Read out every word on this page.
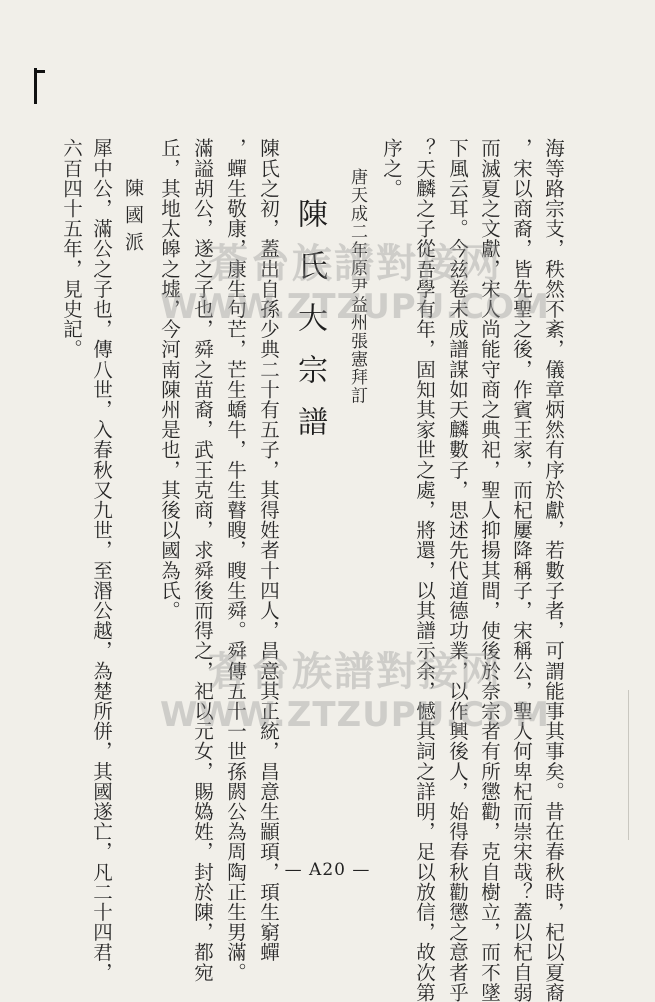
海等路宗支，秩然不紊，儀章炳然有序於獻，若數子者，可謂能事其事矣。昔在春秋時，杞以夏裔
，宋以商裔，皆先聖之後，作賓王家，而杞屢降稱子，宋稱公，聖人何卑杞而崇宋哉？蓋以杞自弱
而滅夏之文獻，宋人尚能守商之典祀，聖人抑揚其間，使後於奈宗者有所懲勸，克自樹立，而不墜
下風云耳。今兹卷未成譜謀如天麟數子，思述先代道德功業，以作興後人，始得春秋勸懲之意者乎
？天麟之子從吾學有年，固知其家世之處，將還，以其譜示余，憾其詞之詳明，足以放信，故次第
序之。
唐天成二年原尹益州張憲拜訂
陳氏大宗譜
陳氏之初，蓋出自孫少典二十有五子，其得姓者十四人，昌意其正統，昌意生顓頊，頊生窮蟬
，蟬生敬康，康生句芒，芒生蟜牛，牛生瞽瞍，瞍生舜。舜傳五十一世孫閼公為周陶正生男滿。
滿謚胡公，遂之子也，舜之苗裔，武王克商，求舜後而得之，祀以元女，賜媯姓，封於陳，都宛
丘，其地太皞之墟，今河南陳州是也，其後以國為氏。
陳國派
犀中公，滿公之子也，傳八世，入春秋又九世，至湣公越，為楚所併，其國遂亡，凡二十四君，
六百四十五年，見史記。	蒼台族譜對接网
WWW.ZTZUPU.COM
蒼台族譜對接网
WWW.ZTZUPU.COM
— A20 —
